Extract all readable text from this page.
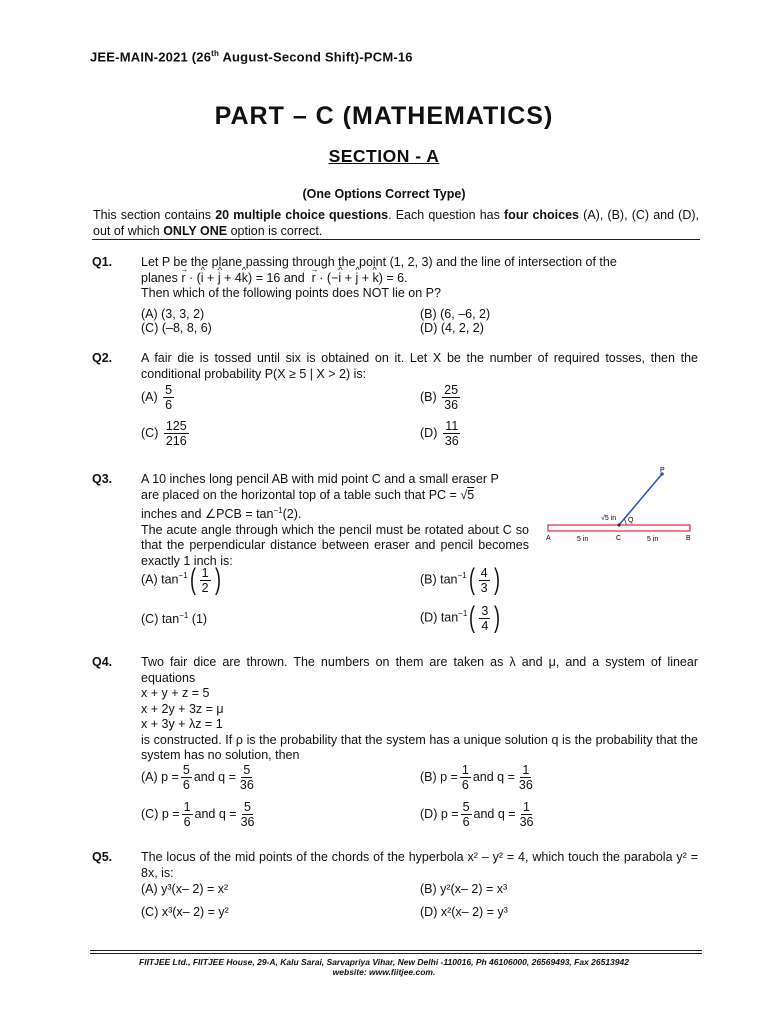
JEE-MAIN-2021 (26th August-Second Shift)-PCM-16
PART – C (MATHEMATICS)
SECTION - A
(One Options Correct Type)
This section contains 20 multiple choice questions. Each question has four choices (A), (B), (C) and (D), out of which ONLY ONE option is correct.
Q1. Let P be the plane passing through the point (1, 2, 3) and the line of intersection of the
planes → r · (^ i + ^ j + 4^ k) = 16 and → r · (−^ i + ^ j + ^ k) = 6.
Then which of the following points does NOT lie on P?
(A) (3, 3, 2)	(B) (6, –6, 2)
(C) (–8, 8, 6)	(D) (4, 2, 2)
Q2. A fair die is tossed until six is obtained on it. Let X be the number of required tosses, then the conditional probability P(X ≥ 5 | X > 2) is:
$(A) \frac{5}{6}$	$(B) \frac{25}{36}$
$(C) \frac{125}{216}$	$(D) \frac{11}{36}$
Q3. A 10 inches long pencil AB with mid point C and a small eraser P
are placed on the horizontal top of a table such that PC = √5
inches and ∠PCB = $\tan^{-1}(2)$.
The acute angle through which the pencil must be rotated about C so that the perpendicular distance between eraser and pencil becomes exactly 1 inch is:
P
A	B
C
Q
5 in	5 in
√5 in
(A) $\tan^{-1}$ ( $\frac{1}{2}$ )	(B) $\tan^{-1}$ ( $\frac{4}{3}$ )
(C) $\tan^{-1} (1)$	(D) $\tan^{-1}$ ( $\frac{3}{4}$ )
Q4. Two fair dice are thrown. The numbers on them are taken as λ and μ, and a system of linear equations
x + y + z = 5
x + 2y + 3z = μ
x + 3y + λz = 1
is constructed. If ρ is the probability that the system has a unique solution q is the probability that the system has no solution, then
(A) $p = \frac{5}{6}$ and $q = \frac{5}{36}$	(B) $p = \frac{1}{6}$ and $q = \frac{1}{36}$
(C) $p = \frac{1}{6}$ and $q = \frac{5}{36}$	(D) $p = \frac{5}{6}$ and $q = \frac{1}{36}$
Q5. The locus of the mid points of the chords of the hyperbola x² – y² = 4, which touch the parabola y² = 8x, is:
(A) y³(x– 2) = x²	(B) y²(x– 2) = x³
(C) x³(x– 2) = y²	(D) x²(x– 2) = y³
FIITJEE Ltd., FIITJEE House, 29-A, Kalu Sarai, Sarvapriya Vihar, New Delhi -110016, Ph 46106000, 26569493, Fax 26513942
website: www.fiitjee.com.
